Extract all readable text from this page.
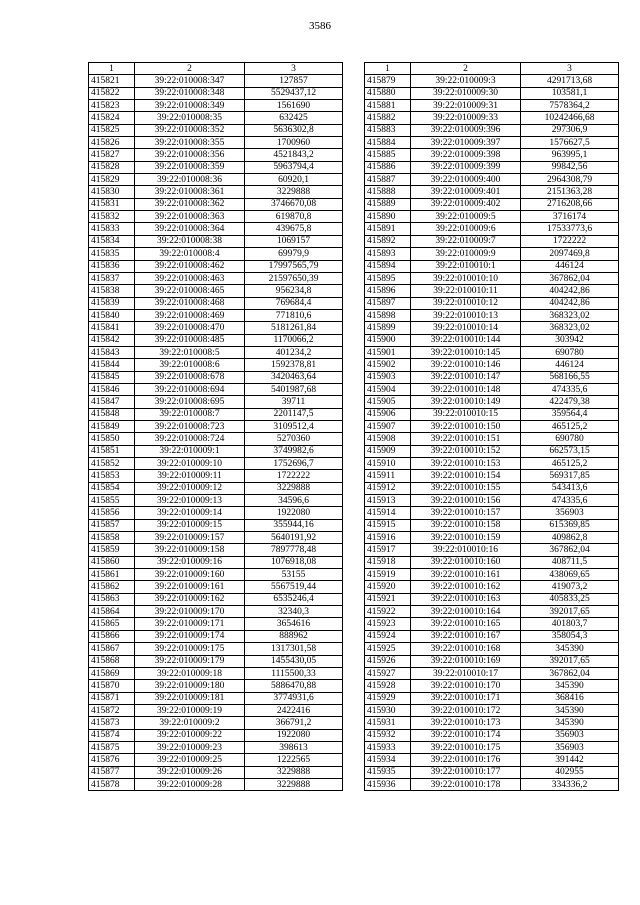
3586
1	2	3
415821	39:22:010008:347	127857
415822	39:22:010008:348	5529437,12
415823	39:22:010008:349	1561690
415824	39:22:010008:35	632425
415825	39:22:010008:352	5636302,8
415826	39:22:010008:355	1700960
415827	39:22:010008:356	4521843,2
415828	39:22:010008:359	5963794,4
415829	39:22:010008:36	60920,1
415830	39:22:010008:361	3229888
415831	39:22:010008:362	3746670,08
415832	39:22:010008:363	619870,8
415833	39:22:010008:364	439675,8
415834	39:22:010008:38	1069157
415835	39:22:010008:4	69979,9
415836	39:22:010008:462	17997565,79
415837	39:22:010008:463	21597650,39
415838	39:22:010008:465	956234,8
415839	39:22:010008:468	769684,4
415840	39:22:010008:469	771810,6
415841	39:22:010008:470	5181261,84
415842	39:22:010008:485	1170066,2
415843	39:22:010008:5	401234,2
415844	39:22:010008:6	1592378,81
415845	39:22:010008:678	3420463,64
415846	39:22:010008:694	5401987,68
415847	39:22:010008:695	39711
415848	39:22:010008:7	2201147,5
415849	39:22:010008:723	3109512,4
415850	39:22:010008:724	5270360
415851	39:22:010009:1	3749982,6
415852	39:22:010009:10	1752696,7
415853	39:22:010009:11	1722222
415854	39:22:010009:12	3229888
415855	39:22:010009:13	34596,6
415856	39:22:010009:14	1922080
415857	39:22:010009:15	355944,16
415858	39:22:010009:157	5640191,92
415859	39:22:010009:158	7897778,48
415860	39:22:010009:16	1076918,08
415861	39:22:010009:160	53155
415862	39:22:010009:161	5567519,44
415863	39:22:010009:162	6535246,4
415864	39:22:010009:170	32340,3
415865	39:22:010009:171	3654616
415866	39:22:010009:174	888962
415867	39:22:010009:175	1317301,58
415868	39:22:010009:179	1455430,05
415869	39:22:010009:18	1115500,33
415870	39:22:010009:180	5886470,88
415871	39:22:010009:181	3774931,6
415872	39:22:010009:19	2422416
415873	39:22:010009:2	366791,2
415874	39:22:010009:22	1922080
415875	39:22:010009:23	398613
415876	39:22:010009:25	1222565
415877	39:22:010009:26	3229888
415878	39:22:010009:28	3229888
1	2	3
415879	39:22:010009:3	4291713,68
415880	39:22:010009:30	103581,1
415881	39:22:010009:31	7578364,2
415882	39:22:010009:33	10242466,68
415883	39:22:010009:396	297306,9
415884	39:22:010009:397	1576627,5
415885	39:22:010009:398	963995,1
415886	39:22:010009:399	99842,56
415887	39:22:010009:400	2964308,79
415888	39:22:010009:401	2151363,28
415889	39:22:010009:402	2716208,66
415890	39:22:010009:5	3716174
415891	39:22:010009:6	17533773,6
415892	39:22:010009:7	1722222
415893	39:22:010009:9	2097469,8
415894	39:22:010010:1	446124
415895	39:22:010010:10	367862,04
415896	39:22:010010:11	404242,86
415897	39:22:010010:12	404242,86
415898	39:22:010010:13	368323,02
415899	39:22:010010:14	368323,02
415900	39:22:010010:144	303942
415901	39:22:010010:145	690780
415902	39:22:010010:146	446124
415903	39:22:010010:147	568166,55
415904	39:22:010010:148	474335,6
415905	39:22:010010:149	422479,38
415906	39:22:010010:15	359564,4
415907	39:22:010010:150	465125,2
415908	39:22:010010:151	690780
415909	39:22:010010:152	662573,15
415910	39:22:010010:153	465125,2
415911	39:22:010010:154	569317,85
415912	39:22:010010:155	543413,6
415913	39:22:010010:156	474335,6
415914	39:22:010010:157	356903
415915	39:22:010010:158	615369,85
415916	39:22:010010:159	409862,8
415917	39:22:010010:16	367862,04
415918	39:22:010010:160	408711,5
415919	39:22:010010:161	438069,65
415920	39:22:010010:162	419073,2
415921	39:22:010010:163	405833,25
415922	39:22:010010:164	392017,65
415923	39:22:010010:165	401803,7
415924	39:22:010010:167	358054,3
415925	39:22:010010:168	345390
415926	39:22:010010:169	392017,65
415927	39:22:010010:17	367862,04
415928	39:22:010010:170	345390
415929	39:22:010010:171	368416
415930	39:22:010010:172	345390
415931	39:22:010010:173	345390
415932	39:22:010010:174	356903
415933	39:22:010010:175	356903
415934	39:22:010010:176	391442
415935	39:22:010010:177	402955
415936	39:22:010010:178	334336,2
